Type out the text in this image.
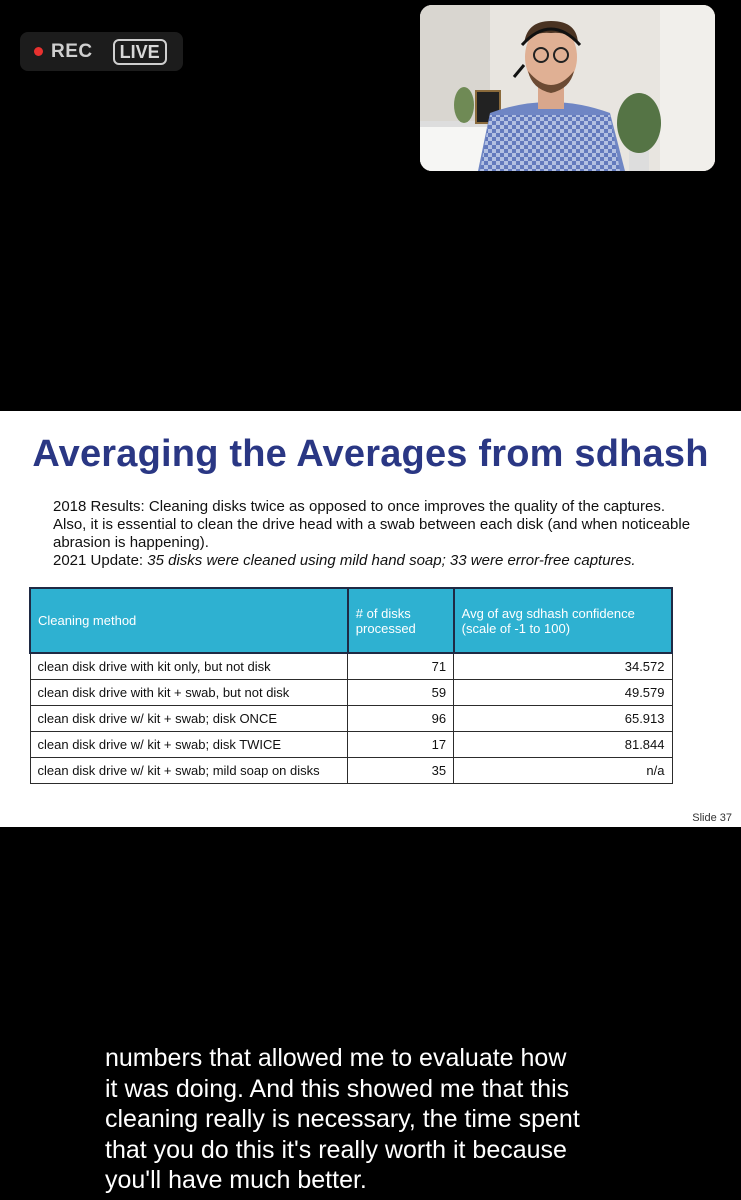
REC	LIVE
Averaging the Averages from sdhash
2018 Results: Cleaning disks twice as opposed to once improves the quality of the captures. Also, it is essential to clean the drive head with a swab between each disk (and when noticeable abrasion is happening).
2021 Update: 35 disks were cleaned using mild hand soap; 33 were error-free captures.
Cleaning method	# of disks processed	Avg of avg sdhash confidence (scale of -1 to 100)
clean disk drive with kit only, but not disk	71	34.572
clean disk drive with kit + swab, but not disk	59	49.579
clean disk drive w/ kit + swab; disk ONCE	96	65.913
clean disk drive w/ kit + swab; disk TWICE	17	81.844
clean disk drive w/ kit + swab; mild soap on disks	35	n/a
Slide 37
numbers that allowed me to evaluate how
it was doing. And this showed me that this
cleaning really is necessary, the time spent
that you do this it's really worth it because
you'll have much better.
